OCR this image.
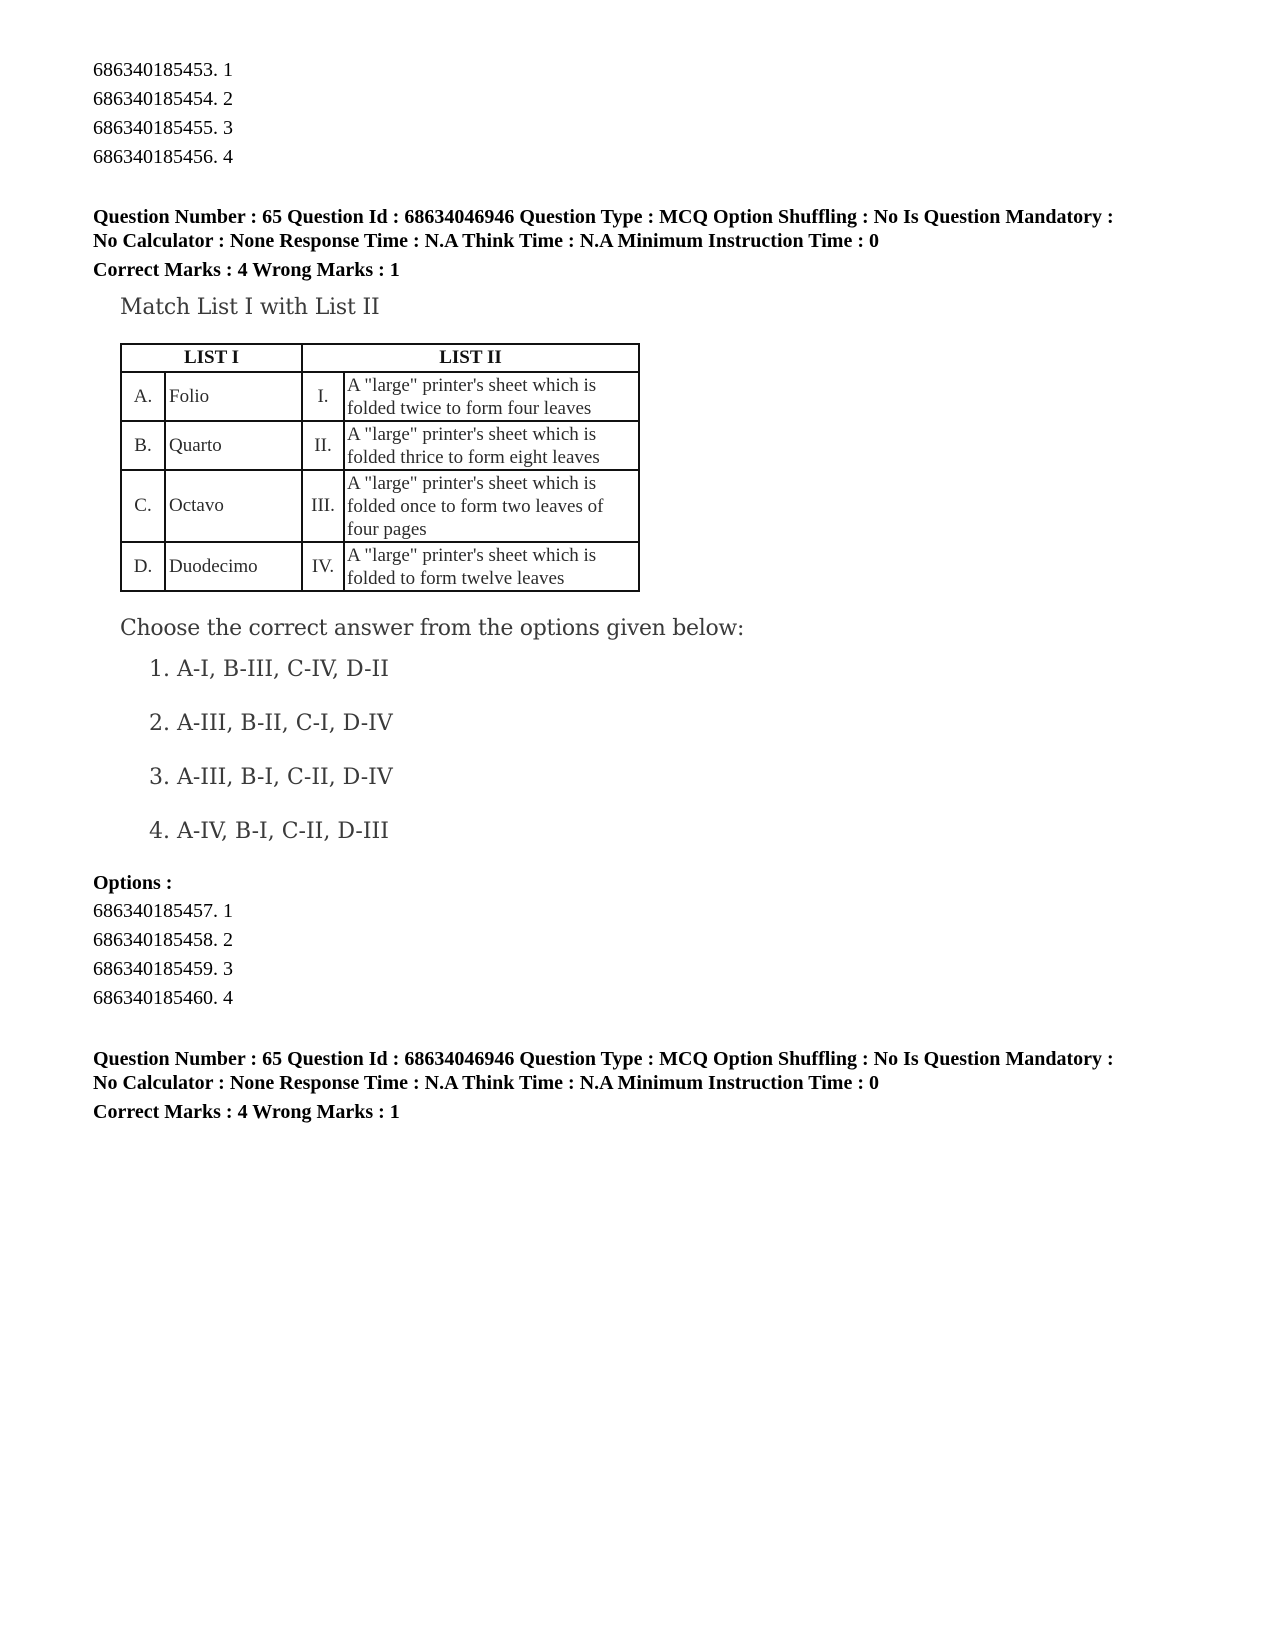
686340185453. 1
686340185454. 2
686340185455. 3
686340185456. 4
Question Number : 65 Question Id : 68634046946 Question Type : MCQ Option Shuffling : No Is Question Mandatory :
No Calculator : None Response Time : N.A Think Time : N.A Minimum Instruction Time : 0
Correct Marks : 4 Wrong Marks : 1
Match List I with List II
LIST I		LIST II	
A.	Folio	I.	A "large" printer's sheet which is folded twice to form four leaves
B.	Quarto	II.	A "large" printer's sheet which is folded thrice to form eight leaves
C.	Octavo	III.	A "large" printer's sheet which is folded once to form two leaves of four pages
D.	Duodecimo	IV.	A "large" printer's sheet which is folded to form twelve leaves
Choose the correct answer from the options given below:
1. A-I, B-III, C-IV, D-II
2. A-III, B-II, C-I, D-IV
3. A-III, B-I, C-II, D-IV
4. A-IV, B-I, C-II, D-III
Options :
686340185457. 1
686340185458. 2
686340185459. 3
686340185460. 4
Question Number : 65 Question Id : 68634046946 Question Type : MCQ Option Shuffling : No Is Question Mandatory :
No Calculator : None Response Time : N.A Think Time : N.A Minimum Instruction Time : 0
Correct Marks : 4 Wrong Marks : 1
